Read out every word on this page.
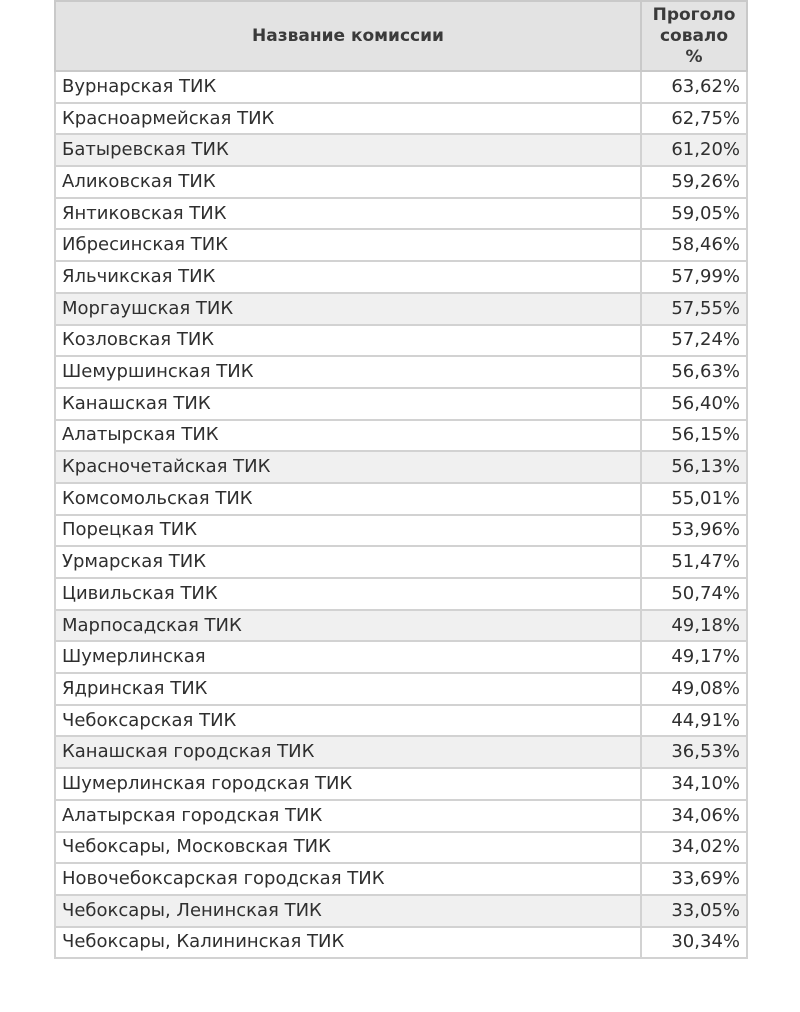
Название комиссии	Проголо
совало
%

Вурнарская ТИК	63,62%
Красноармейская ТИК	62,75%
Батыревская ТИК	61,20%
Аликовская ТИК	59,26%
Янтиковская ТИК	59,05%
Ибресинская ТИК	58,46%
Яльчикская ТИК	57,99%
Моргаушская ТИК	57,55%
Козловская ТИК	57,24%
Шемуршинская ТИК	56,63%
Канашская ТИК	56,40%
Алатырская ТИК	56,15%
Красночетайская ТИК	56,13%
Комсомольская ТИК	55,01%
Порецкая ТИК	53,96%
Урмарская ТИК	51,47%
Цивильская ТИК	50,74%
Марпосадская ТИК	49,18%
Шумерлинская	49,17%
Ядринская ТИК	49,08%
Чебоксарская ТИК	44,91%
Канашская городская ТИК	36,53%
Шумерлинская городская ТИК	34,10%
Алатырская городская ТИК	34,06%
Чебоксары, Московская ТИК	34,02%
Новочебоксарская городская ТИК	33,69%
Чебоксары, Ленинская ТИК	33,05%
Чебоксары, Калининская ТИК	30,34%
